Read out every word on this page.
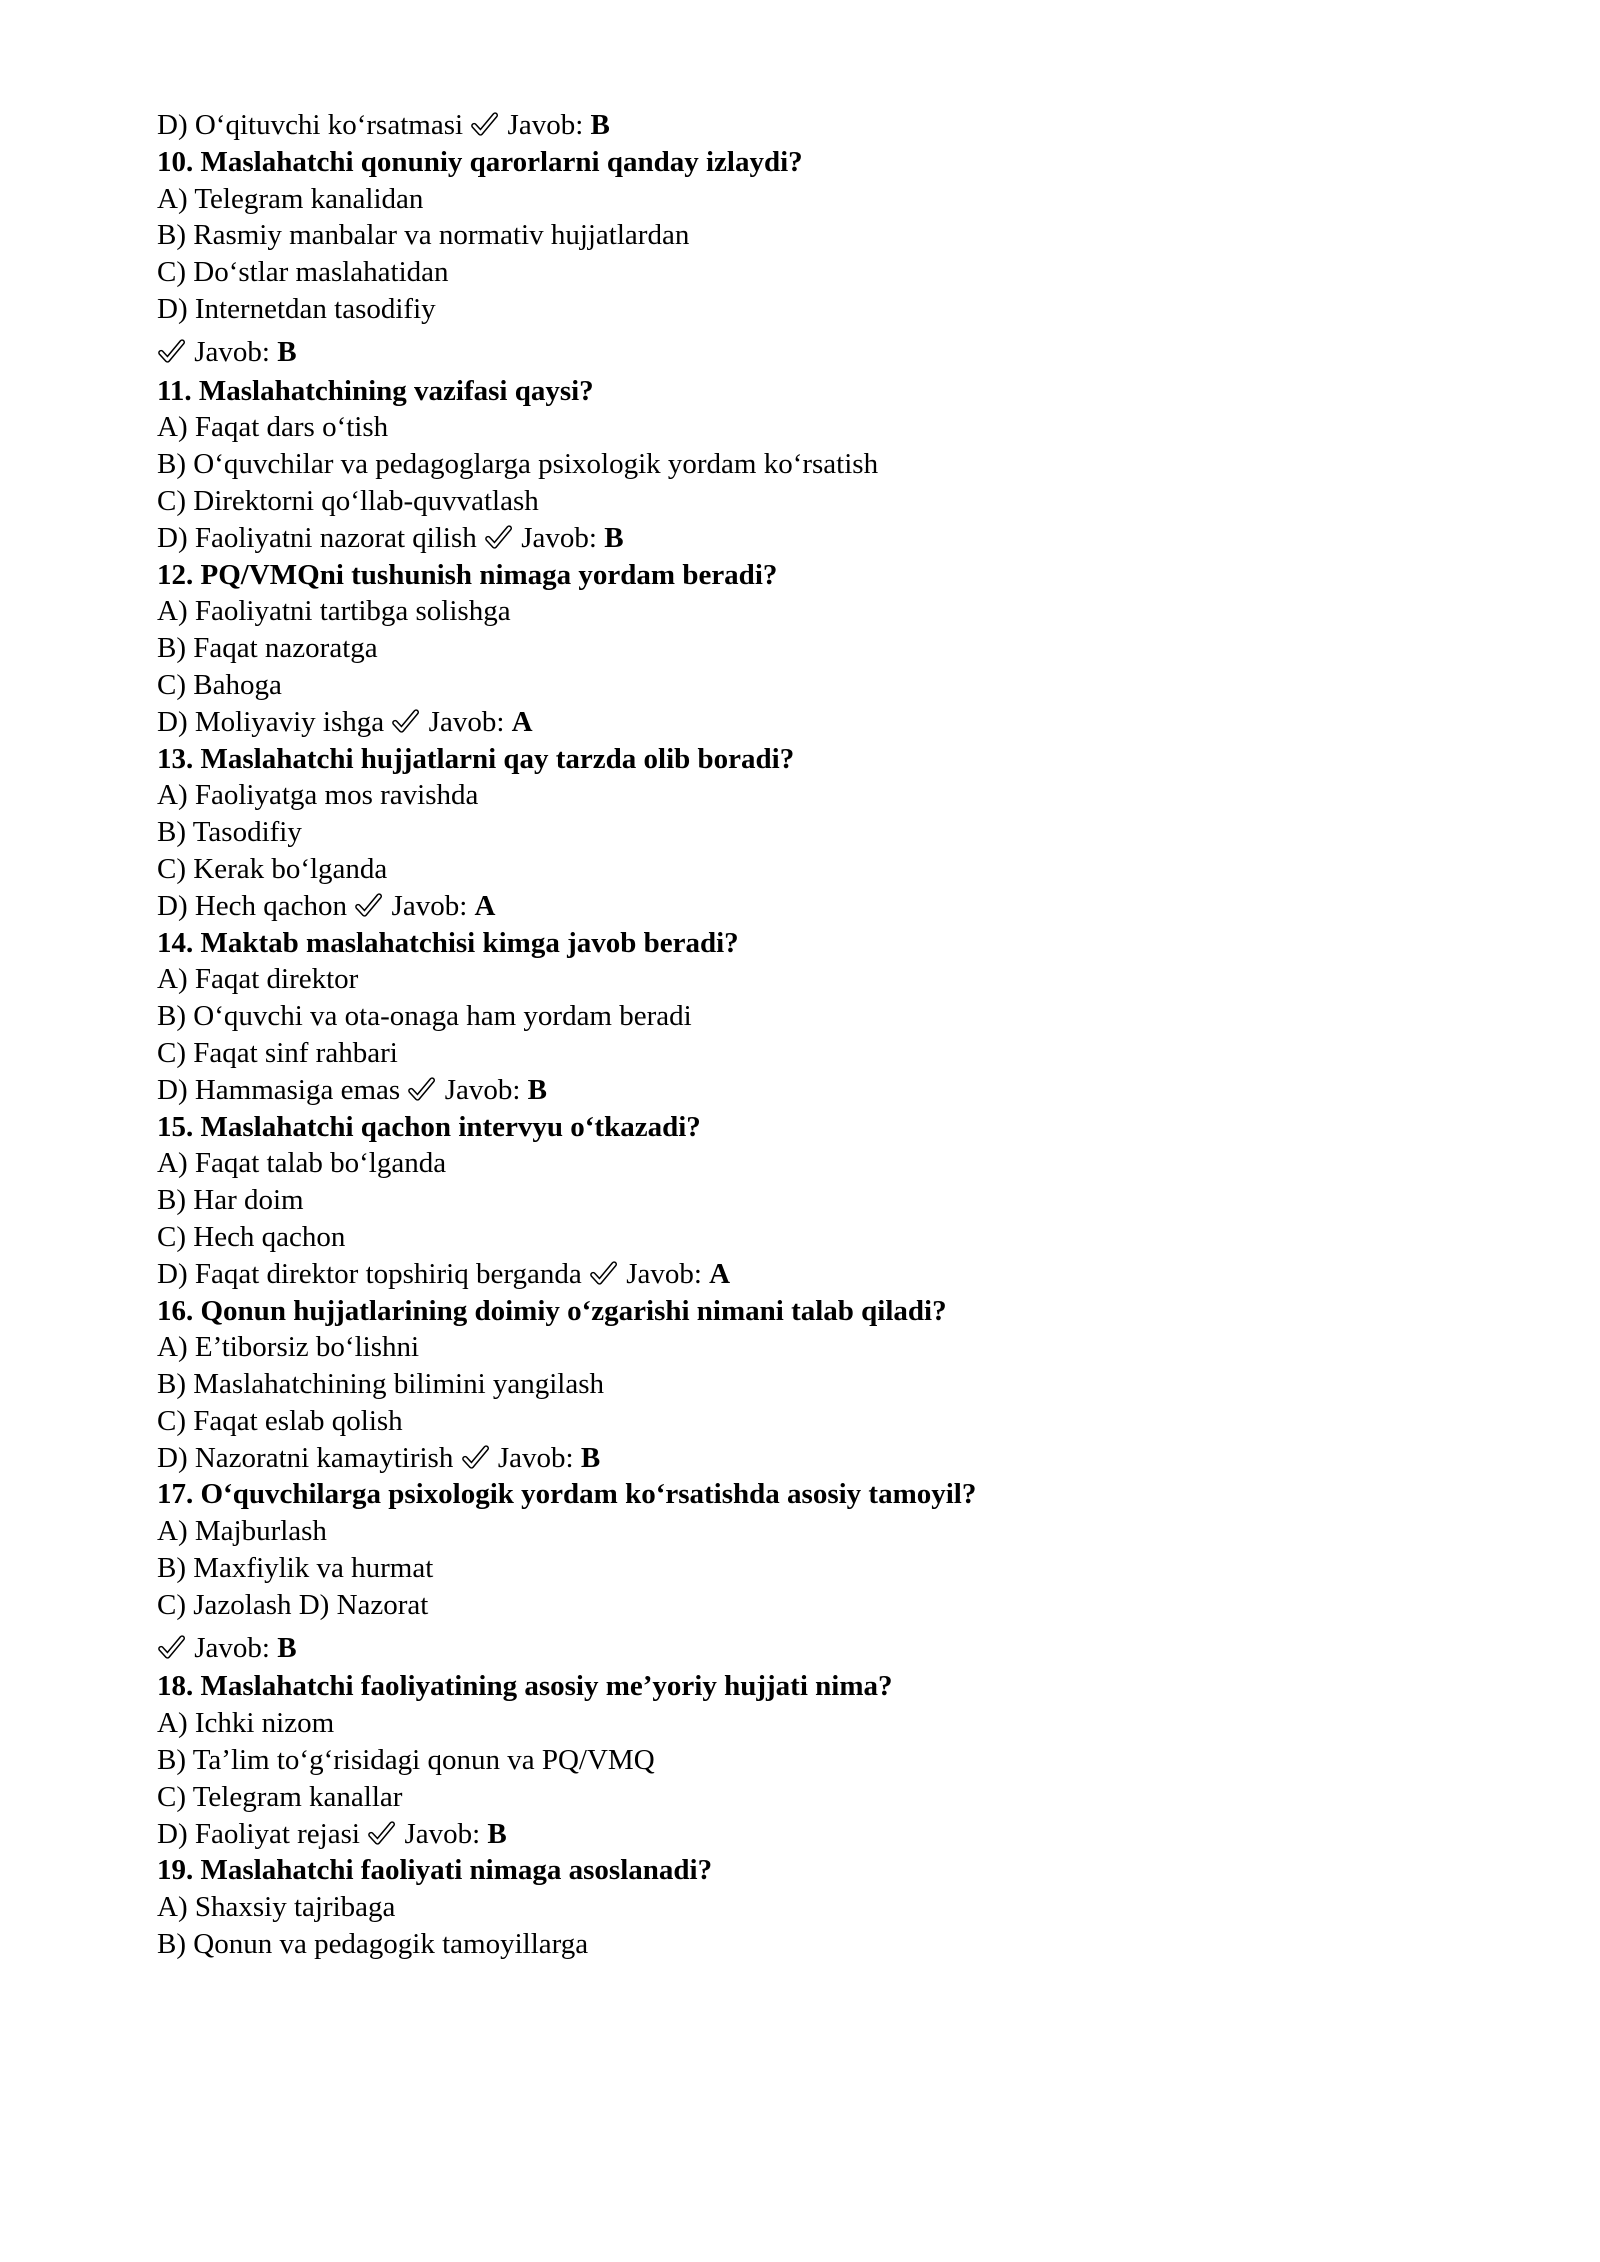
D) O‘qituvchi ko‘rsatmasi
Javob: B
10. Maslahatchi qonuniy qarorlarni qanday izlaydi?
A) Telegram kanalidan
B) Rasmiy manbalar va normativ hujjatlardan
C) Do‘stlar maslahatidan
D) Internetdan tasodifiy
Javob: B
11. Maslahatchining vazifasi qaysi?
A) Faqat dars o‘tish
B) O‘quvchilar va pedagoglarga psixologik yordam ko‘rsatish
C) Direktorni qo‘llab-quvvatlash
D) Faoliyatni nazorat qilish
Javob: B
12. PQ/VMQni tushunish nimaga yordam beradi?
A) Faoliyatni tartibga solishga
B) Faqat nazoratga
C) Bahoga
D) Moliyaviy ishga
Javob: A
13. Maslahatchi hujjatlarni qay tarzda olib boradi?
A) Faoliyatga mos ravishda
B) Tasodifiy
C) Kerak bo‘lganda
D) Hech qachon
Javob: A
14. Maktab maslahatchisi kimga javob beradi?
A) Faqat direktor
B) O‘quvchi va ota-onaga ham yordam beradi
C) Faqat sinf rahbari
D) Hammasiga emas
Javob: B
15. Maslahatchi qachon intervyu o‘tkazadi?
A) Faqat talab bo‘lganda
B) Har doim
C) Hech qachon
D) Faqat direktor topshiriq berganda
Javob: A
16. Qonun hujjatlarining doimiy o‘zgarishi nimani talab qiladi?
A) E’tiborsiz bo‘lishni
B) Maslahatchining bilimini yangilash
C) Faqat eslab qolish
D) Nazoratni kamaytirish
Javob: B
17. O‘quvchilarga psixologik yordam ko‘rsatishda asosiy tamoyil?
A) Majburlash
B) Maxfiylik va hurmat
C) Jazolash D) Nazorat
Javob: B
18. Maslahatchi faoliyatining asosiy me’yoriy hujjati nima?
A) Ichki nizom
B) Ta’lim to‘g‘risidagi qonun va PQ/VMQ
C) Telegram kanallar
D) Faoliyat rejasi
Javob: B
19. Maslahatchi faoliyati nimaga asoslanadi?
A) Shaxsiy tajribaga
B) Qonun va pedagogik tamoyillarga
